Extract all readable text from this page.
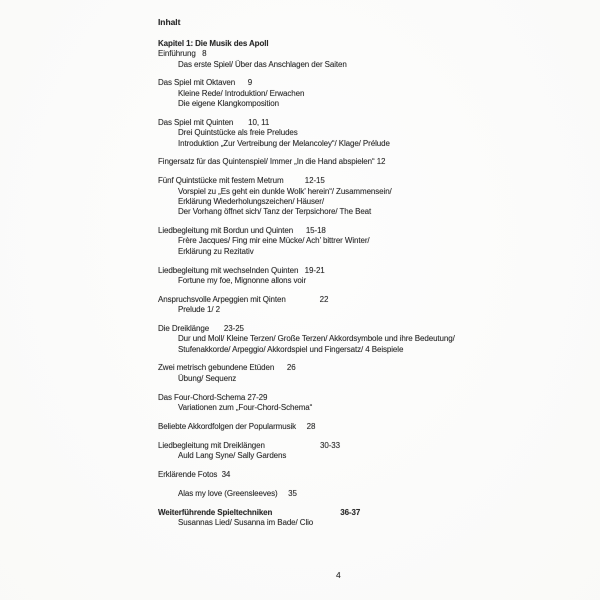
Inhalt
Kapitel 1: Die Musik des Apoll
Einführung   8
Das erste Spiel/ Über das Anschlagen der Saiten
Das Spiel mit Oktaven      9
Kleine Rede/ Introduktion/ Erwachen
Die eigene Klangkomposition
Das Spiel mit Quinten       10, 11
Drei Quintstücke als freie Preludes
Introduktion „Zur Vertreibung der Melancoley“/ Klage/ Prélude
Fingersatz für das Quintenspiel/ Immer „In die Hand abspielen“ 12
Fünf Quintstücke mit festem Metrum          12-15
Vorspiel zu „Es geht ein dunkle Wolk’ herein“/ Zusammensein/
Erklärung Wiederholungszeichen/ Häuser/
Der Vorhang öffnet sich/ Tanz der Terpsichore/ The Beat
Liedbegleitung mit Bordun und Quinten      15-18
Frère Jacques/ Fing mir eine Mücke/ Ach’ bittrer Winter/
Erklärung zu Rezitativ
Liedbegleitung mit wechselnden Quinten   19-21
Fortune my foe, Mignonne allons voir
Anspruchsvolle Arpeggien mit Qinten                22
Prelude 1/ 2
Die Dreiklänge       23-25
Dur und Moll/ Kleine Terzen/ Große Terzen/ Akkordsymbole und ihre Bedeutung/
Stufenakkorde/ Arpeggio/ Akkordspiel und Fingersatz/ 4 Beispiele
Zwei metrisch gebundene Etüden      26
Übung/ Sequenz
Das Four-Chord-Schema 27-29
Variationen zum „Four-Chord-Schema“
Beliebte Akkordfolgen der Popularmusik     28
Liedbegleitung mit Dreiklängen                          30-33
Auld Lang Syne/ Sally Gardens
Erklärende Fotos  34
Alas my love (Greensleeves)     35
Weiterführende Spieltechniken                                36-37
Susannas Lied/ Susanna im Bade/ Clio
4
